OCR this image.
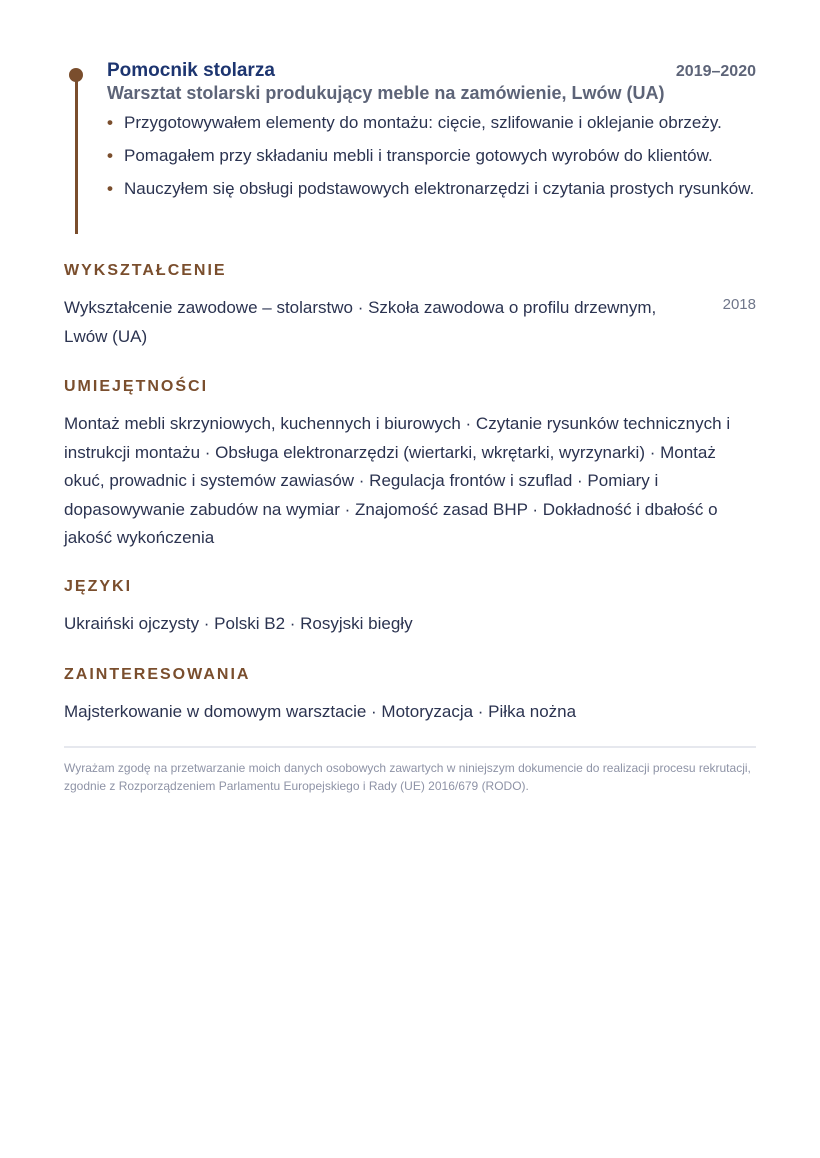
Pomocnik stolarza	2019–2020
Warsztat stolarski produkujący meble na zamówienie, Lwów (UA)
• Przygotowywałem elementy do montażu: cięcie, szlifowanie i oklejanie obrzeży.
• Pomagałem przy składaniu mebli i transporcie gotowych wyrobów do klientów.
• Nauczyłem się obsługi podstawowych elektronarzędzi i czytania prostych rysunków.
WYKSZTAŁCENIE
Wykształcenie zawodowe – stolarstwo · Szkoła zawodowa o profilu drzewnym, Lwów (UA)
2018
UMIEJĘTNOŚCI

Montaż mebli skrzyniowych, kuchennych i biurowych · Czytanie rysunków technicznych i instrukcji montażu · Obsługa elektronarzędzi (wiertarki, wkrętarki, wyrzynarki) · Montaż okuć, prowadnic i systemów zawiasów · Regulacja frontów i szuflad · Pomiary i dopasowywanie zabudów na wymiar · Znajomość zasad BHP · Dokładność i dbałość o jakość wykończenia

JĘZYKI

Ukraiński ojczysty · Polski B2 · Rosyjski biegły

ZAINTERESOWANIA

Majsterkowanie w domowym warsztacie · Motoryzacja · Piłka nożna

Wyrażam zgodę na przetwarzanie moich danych osobowych zawartych w niniejszym dokumencie do realizacji procesu rekrutacji, zgodnie z Rozporządzeniem Parlamentu Europejskiego i Rady (UE) 2016/679 (RODO).
